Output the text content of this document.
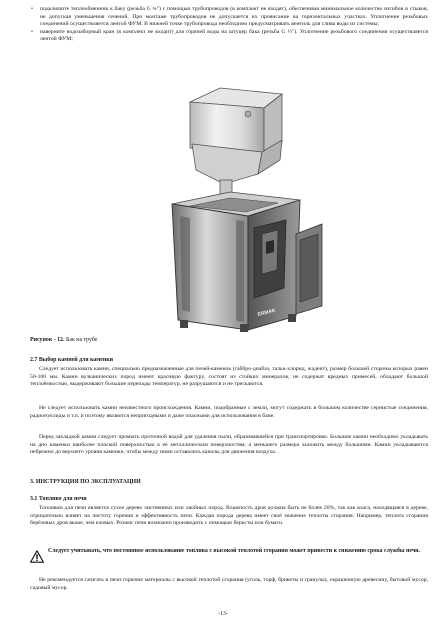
• подключите теплообменник к баку (резьба G ¾") с помощью трубопроводов (в комплект не входят), обеспечивая минимальное количество изгибов и стыков, не допуская уменьшения сечений. При монтаже трубопроводов не допускается их провисание на горизонтальных участках. Уплотнение резьбовых соединений осуществляется лентой ФУМ. В нижней точке трубопровода необходимо предусматривать вентиль для слива воды из системы;
• наверните водозаборный кран (в комплект не входит) для горячей воды на штуцер бака (резьба G ½"). Уплотнение резьбового соединения осуществляется лентой ФУМ;
ERMAK
Рисунок - 12. Бак на трубе
2.7 Выбор камней для каменки
Следует использовать камни, специально предназначенные для печей-каменок (габбро-диабаз, тальк-хлорид, жадеит), размер большей стороны которых равен 50-100 мм. Камни вулканических пород имеют красивую фактуру, состоят из стойких минералов, не содержат вредных примесей, обладают большой теплоёмкостью, выдерживают большие перепады температур, не разрушаются и не трескаются.
Не следует использовать камни неизвестного происхождения. Камни, подобранные с земли, могут содержать в большом количестве сернистые соединения, радионуклиды и т.п. и поэтому являются непригодными и даже опасными для использования в бане.
Перед закладкой камни следует промыть проточной водой для удаления пыли, образовавшейся при транспортировке. Большие камни необходимо укладывать на дно каменки наиболее плоской поверхностью к её металлическим поверхностям, а меньшего размера заложить между большими. Камни укладываются небрежно до верхнего уровня каменки, чтобы между ними оставались каналы для движения воздуха.
3. ИНСТРУКЦИЯ ПО ЭКСПЛУАТАЦИИ
3.1 Топливо для печи
Топливом для печи является сухое дерево лиственных или хвойных пород. Влажность дров должна быть не более 20%, так как влага, находящаяся в дереве, отрицательно влияет на чистоту горения и эффективность печи. Каждая порода дерева имеет своё значение теплоты сгорания. Например, теплота сгорания берёзовых дров выше, чем еловых. Розжиг печи возможно производить с помощью бересты или бумаги.
Следует учитывать, что постоянное использование топлива с высокой теплотой сгорания может привести к снижению срока службы печи.
Не рекомендуется сжигать в печи горючие материалы с высокой теплотой сгорания (уголь, торф, брикеты и гранулы), окрашенную древесину, бытовой мусор, садовый мусор.
-13-
